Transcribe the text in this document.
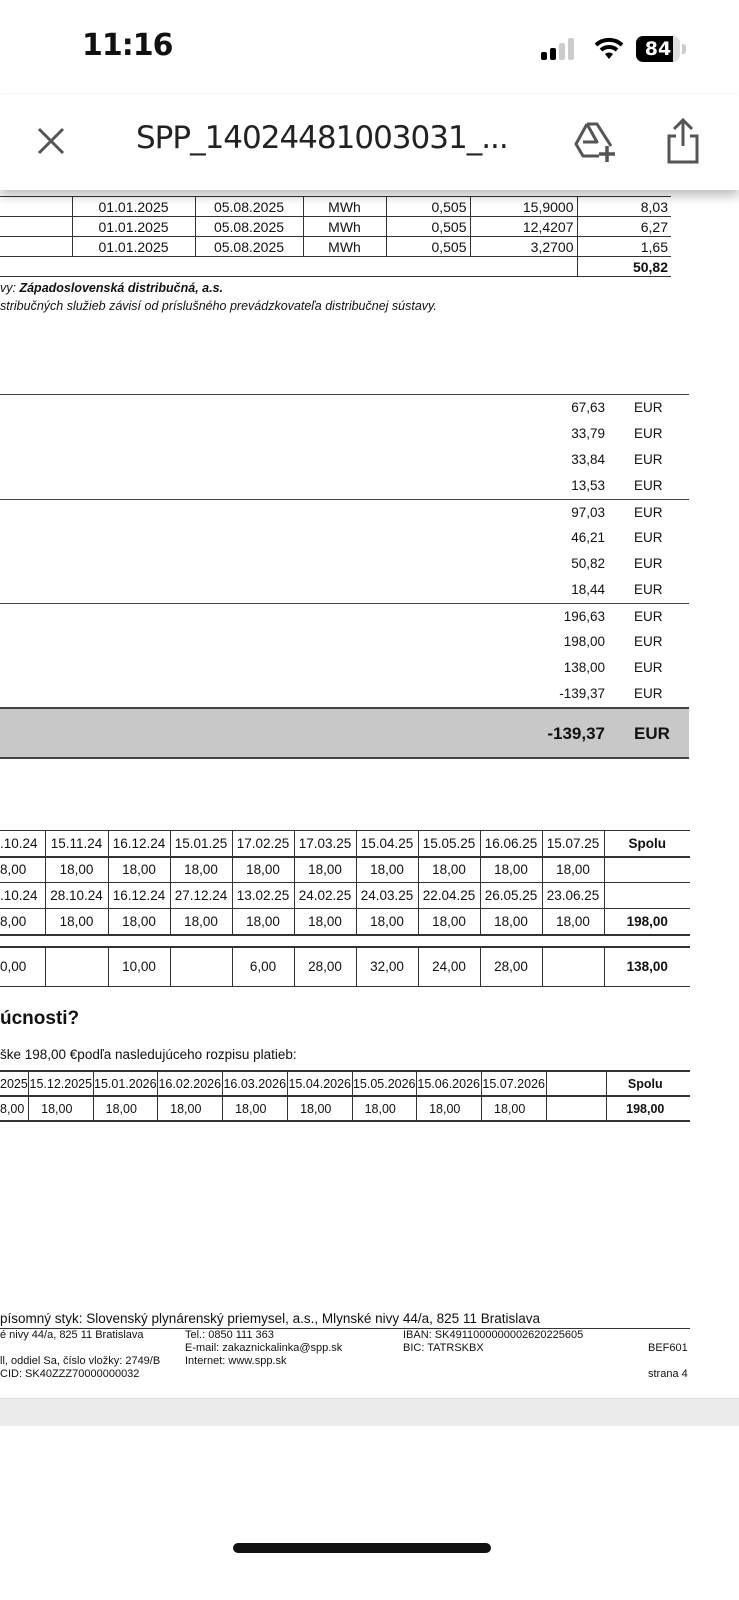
11:16	84
SPP_14024481003031_...
	01.01.2025	05.08.2025	MWh	0,505	15,9000	8,03
	01.01.2025	05.08.2025	MWh	0,505	12,4207	6,27
	01.01.2025	05.08.2025	MWh	0,505	3,2700	1,65
						50,82
vy: Západoslovenská distribučná, a.s.
stribučných služieb závisí od príslušného prevádzkovateľa distribučnej sústavy.
67,63 EUR
33,79 EUR
33,84 EUR
13,53 EUR
97,03 EUR
46,21 EUR
50,82 EUR
18,44 EUR
196,63 EUR
198,00 EUR
138,00 EUR
-139,37 EUR
-139,37 EUR
.10.24	15.11.24	16.12.24	15.01.25	17.02.25	17.03.25	15.04.25	15.05.25	16.06.25	15.07.25	Spolu
8,00	18,00	18,00	18,00	18,00	18,00	18,00	18,00	18,00	18,00	
.10.24	28.10.24	16.12.24	27.12.24	13.02.25	24.02.25	24.03.25	22.04.25	26.05.25	23.06.25	
8,00	18,00	18,00	18,00	18,00	18,00	18,00	18,00	18,00	18,00	198,00

0,00		10,00		6,00	28,00	32,00	24,00	28,00		138,00
úcnosti?
ške 198,00 €podľa nasledujúceho rozpisu platieb:
2025	15.12.2025	15.01.2026	16.02.2026	16.03.2026	15.04.2026	15.05.2026	15.06.2026	15.07.2026		Spolu
8,00	18,00	18,00	18,00	18,00	18,00	18,00	18,00	18,00		198,00
písomný styk: Slovenský plynárenský priemysel, a.s., Mlynské nivy 44/a, 825 11 Bratislava
é nivy 44/a, 825 11 Bratislava
ll, oddiel Sa, číslo vložky: 2749/B
CID: SK40ZZZ70000000032
Tel.: 0850 111 363
E-mail: zakaznickalinka@spp.sk
Internet: www.spp.sk
IBAN: SK4911000000002620225605
BIC: TATRSKBX	BEF601
strana 4
